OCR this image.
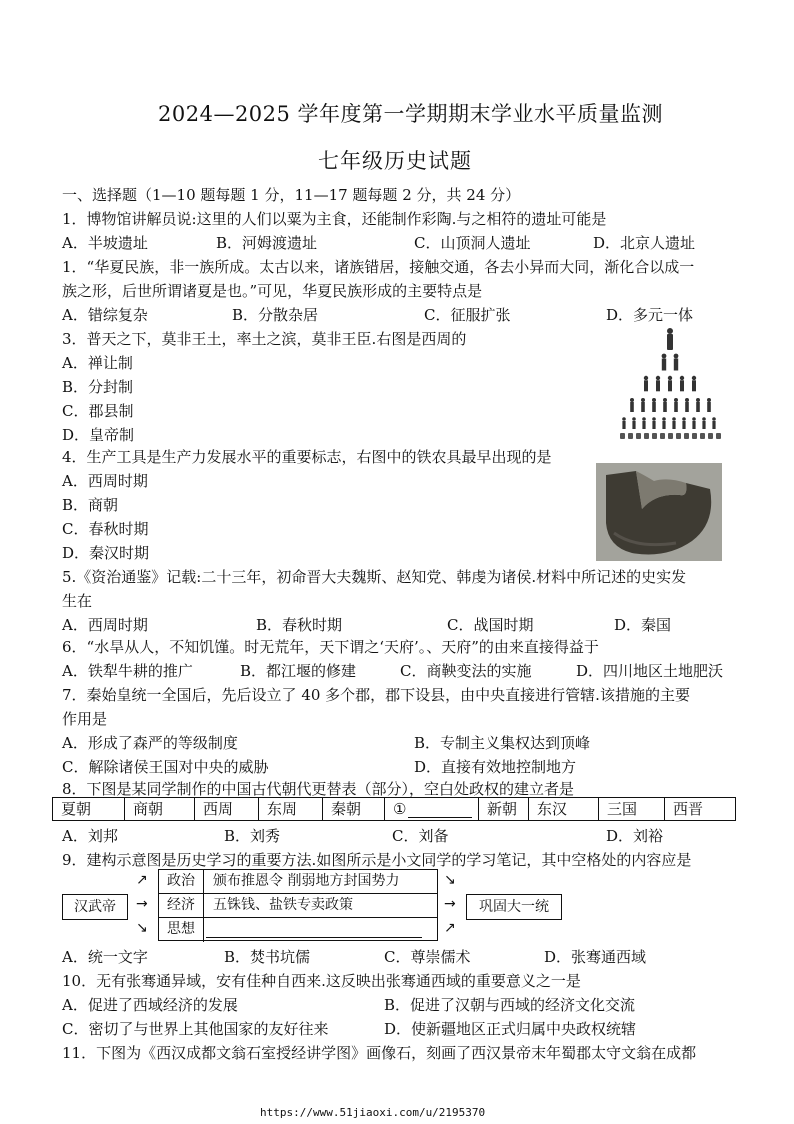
2024—2025 学年度第一学期期末学业水平质量监测
七年级历史试题
一、选择题（1—10 题每题 1 分，11—17 题每题 2 分，共 24 分）
1．博物馆讲解员说:这里的人们以粟为主食，还能制作彩陶.与之相符的遗址可能是
A．半坡遗址	B．河姆渡遗址	C．山顶洞人遗址	D．北京人遗址
1．“华夏民族，非一族所成。太古以来，诸族错居，接触交通，各去小异而大同，渐化合以成一
族之形，后世所谓诸夏是也。”可见，华夏民族形成的主要特点是
A．错综复杂	B．分散杂居	C．征服扩张	D．多元一体
3．普天之下，莫非王土，率土之滨，莫非王臣.右图是西周的
A．禅让制
B．分封制
C．郡县制
D．皇帝制
4．生产工具是生产力发展水平的重要标志，右图中的铁农具最早出现的是
A．西周时期
B．商朝
C．春秋时期
D．秦汉时期
5.《资治通鉴》记载:二十三年，初命晋大夫魏斯、赵知党、韩虔为诸侯.材料中所记述的史实发
生在
A．西周时期	B．春秋时期	C．战国时期	D．秦国
6．“水旱从人，不知饥馑。时无荒年，天下谓之‘天府’。、天府”的由来直接得益于
A．铁犁牛耕的推广	B．都江堰的修建	C．商鞅变法的实施	D．四川地区土地肥沃
7．秦始皇统一全国后，先后设立了 40 多个郡，郡下设县，由中央直接进行管辖.该措施的主要
作用是
A．形成了森严的等级制度	B．专制主义集权达到顶峰
C．解除诸侯王国对中央的威胁	D．直接有效地控制地方
8．下图是某同学制作的中国古代朝代更替表（部分），空白处政权的建立者是
夏朝	商朝	西周	东周	秦朝	①	新朝	东汉	三国	西晋
A．刘邦	B．刘秀	C．刘备	D．刘裕
9．建构示意图是历史学习的重要方法.如图所示是小文同学的学习笔记，其中空格处的内容应是
汉武帝
↗
→
↘
政治	颁布推恩令 削弱地方封国势力
经济	五铢钱、盐铁专卖政策
思想
↘
→
↗
巩固大一统
A．统一文字	B．焚书坑儒	C．尊崇儒术	D．张骞通西域
10．无有张骞通异域，安有佳种自西来.这反映出张骞通西域的重要意义之一是
A．促进了西域经济的发展	B．促进了汉朝与西域的经济文化交流
C．密切了与世界上其他国家的友好往来	D．使新疆地区正式归属中央政权统辖
11．下图为《西汉成都文翁石室授经讲学图》画像石，刻画了西汉景帝末年蜀郡太守文翁在成都
https://www.51jiaoxi.com/u/2195370
